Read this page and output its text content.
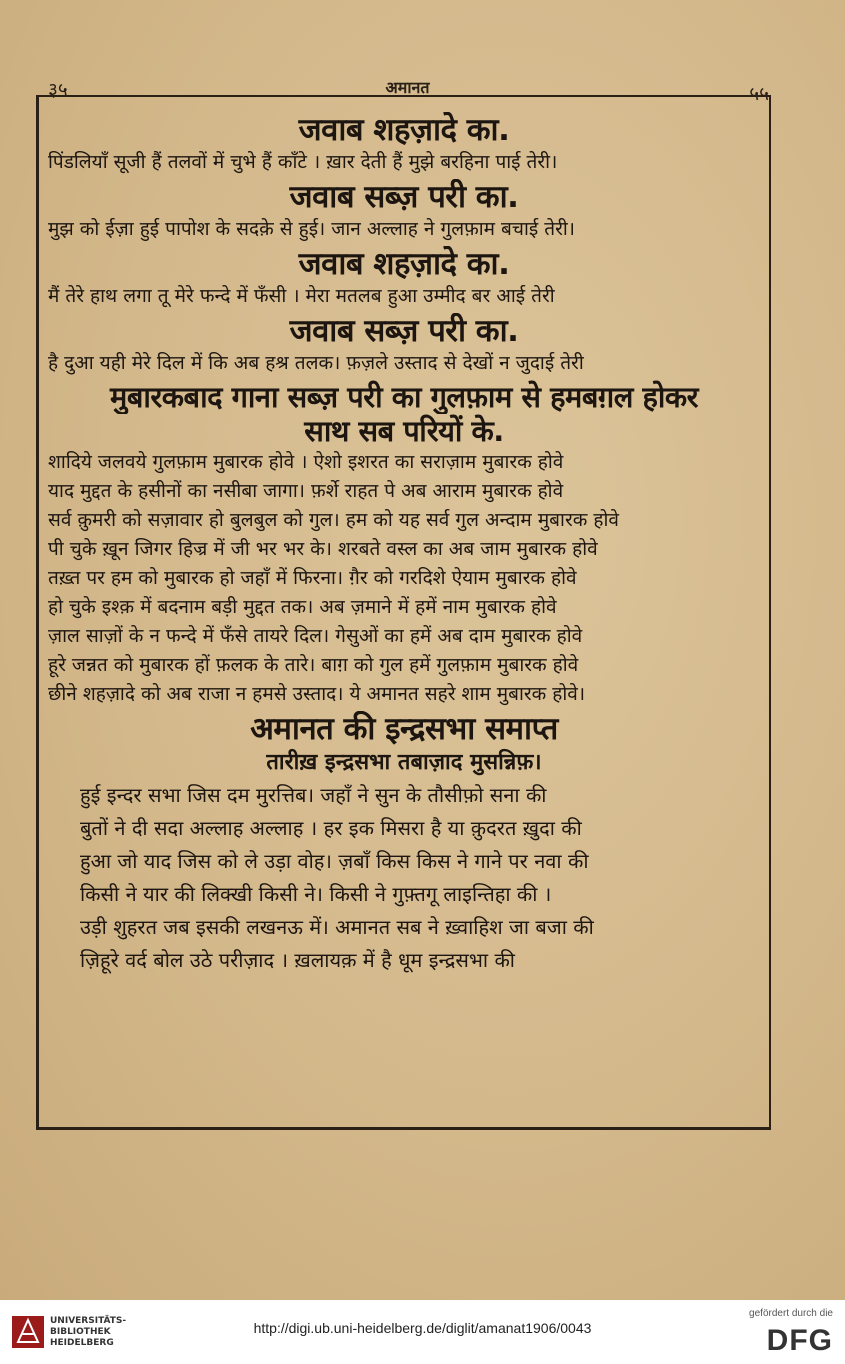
३५	अमानत	५५
जवाब शहज़ादे का.
पिंडलियाँ सूजी हैं तलवों में चुभे हैं काँटे । ख़ार देती हैं मुझे बरहिना पाई तेरी।
जवाब सब्ज़ परी का.
मुझ को ईज़ा हुई पापोश के सदक़े से हुई। जान अल्लाह ने गुलफ़ाम बचाई तेरी।
जवाब शहज़ादे का.
मैं तेरे हाथ लगा तू मेरे फन्दे में फँसी । मेरा मतलब हुआ उम्मीद बर आई तेरी
जवाब सब्ज़ परी का.
है दुआ यही मेरे दिल में कि अब हश्र तलक। फ़ज़ले उस्ताद से देखों न जुदाई तेरी
मुबारकबाद गाना सब्ज़ परी का गुलफ़ाम से हमबग़ल होकर
साथ सब परियों के.
शादिये जलवये गुलफ़ाम मुबारक होवे । ऐशो इशरत का सराज़ाम मुबारक होवे
याद मुद्दत के हसीनों का नसीबा जागा। फ़र्शे राहत पे अब आराम मुबारक होवे
सर्व क़ुमरी को सज़ावार हो बुलबुल को गुल। हम को यह सर्व गुल अन्दाम मुबारक होवे
पी चुके ख़ून जिगर हिज्र में जी भर भर के। शरबते वस्ल का अब जाम मुबारक होवे
तख़्त पर हम को मुबारक हो जहाँ में फिरना। ग़ैर को गरदिशे ऐयाम मुबारक होवे
हो चुके इश्क़ में बदनाम बड़ी मुद्दत तक। अब ज़माने में हमें नाम मुबारक होवे
ज़ाल साज़ों के न फन्दे में फँसे तायरे दिल। गेसुओं का हमें अब दाम मुबारक होवे
हूरे जन्नत को मुबारक हों फ़लक के तारे। बाग़ को गुल हमें गुलफ़ाम मुबारक होवे
छीने शहज़ादे को अब राजा न हमसे उस्ताद। ये अमानत सहरे शाम मुबारक होवे।
अमानत की इन्द्रसभा समाप्त
तारीख़ इन्द्रसभा तबाज़ाद मुसन्निफ़।
हुई इन्दर सभा जिस दम मुरत्तिब। जहाँ ने सुन के तौसीफ़ो सना की
बुतों ने दी सदा अल्लाह अल्लाह । हर इक मिसरा है या क़ुदरत ख़ुदा की
हुआ जो याद जिस को ले उड़ा वोह। ज़बाँ किस किस ने गाने पर नवा की
किसी ने यार की लिक्खी किसी ने। किसी ने गुफ़्तगू लाइन्तिहा की ।
उड़ी शुहरत जब इसकी लखनऊ में। अमानत सब ने ख़्वाहिश जा बजा की
ज़िहूरे वर्द बोल उठे परीज़ाद । ख़लायक़ में है धूम इन्द्रसभा की
UNIVERSITÄTS-
BIBLIOTHEK
HEIDELBERG
http://digi.ub.uni-heidelberg.de/diglit/amanat1906/0043
gefördert durch die
DFG
